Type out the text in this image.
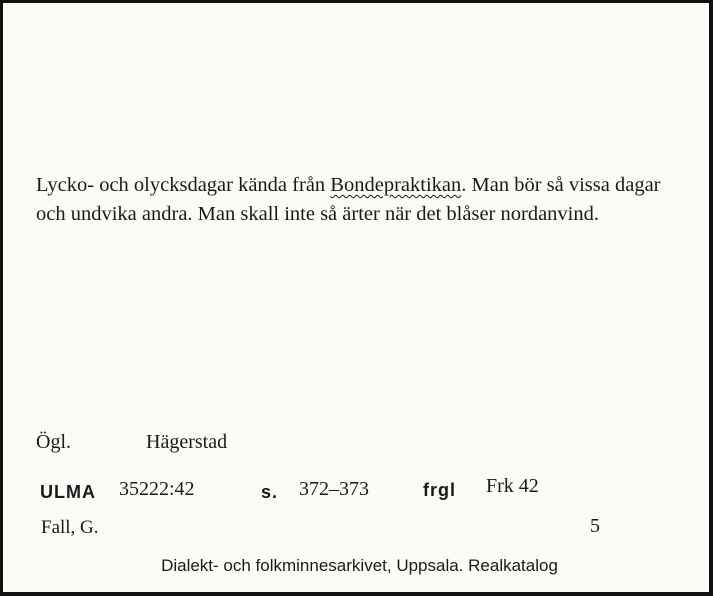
Lycko- och olycksdagar kända från Bondepraktikan. Man bör så vissa dagar och undvika andra. Man skall inte så ärter när det blåser nordanvind.
Ögl.	Hägerstad
ULMA 35222:42	s. 372–373	frgl Frk 42
Fall, G.	5
Dialekt- och folkminnesarkivet, Uppsala. Realkatalog
